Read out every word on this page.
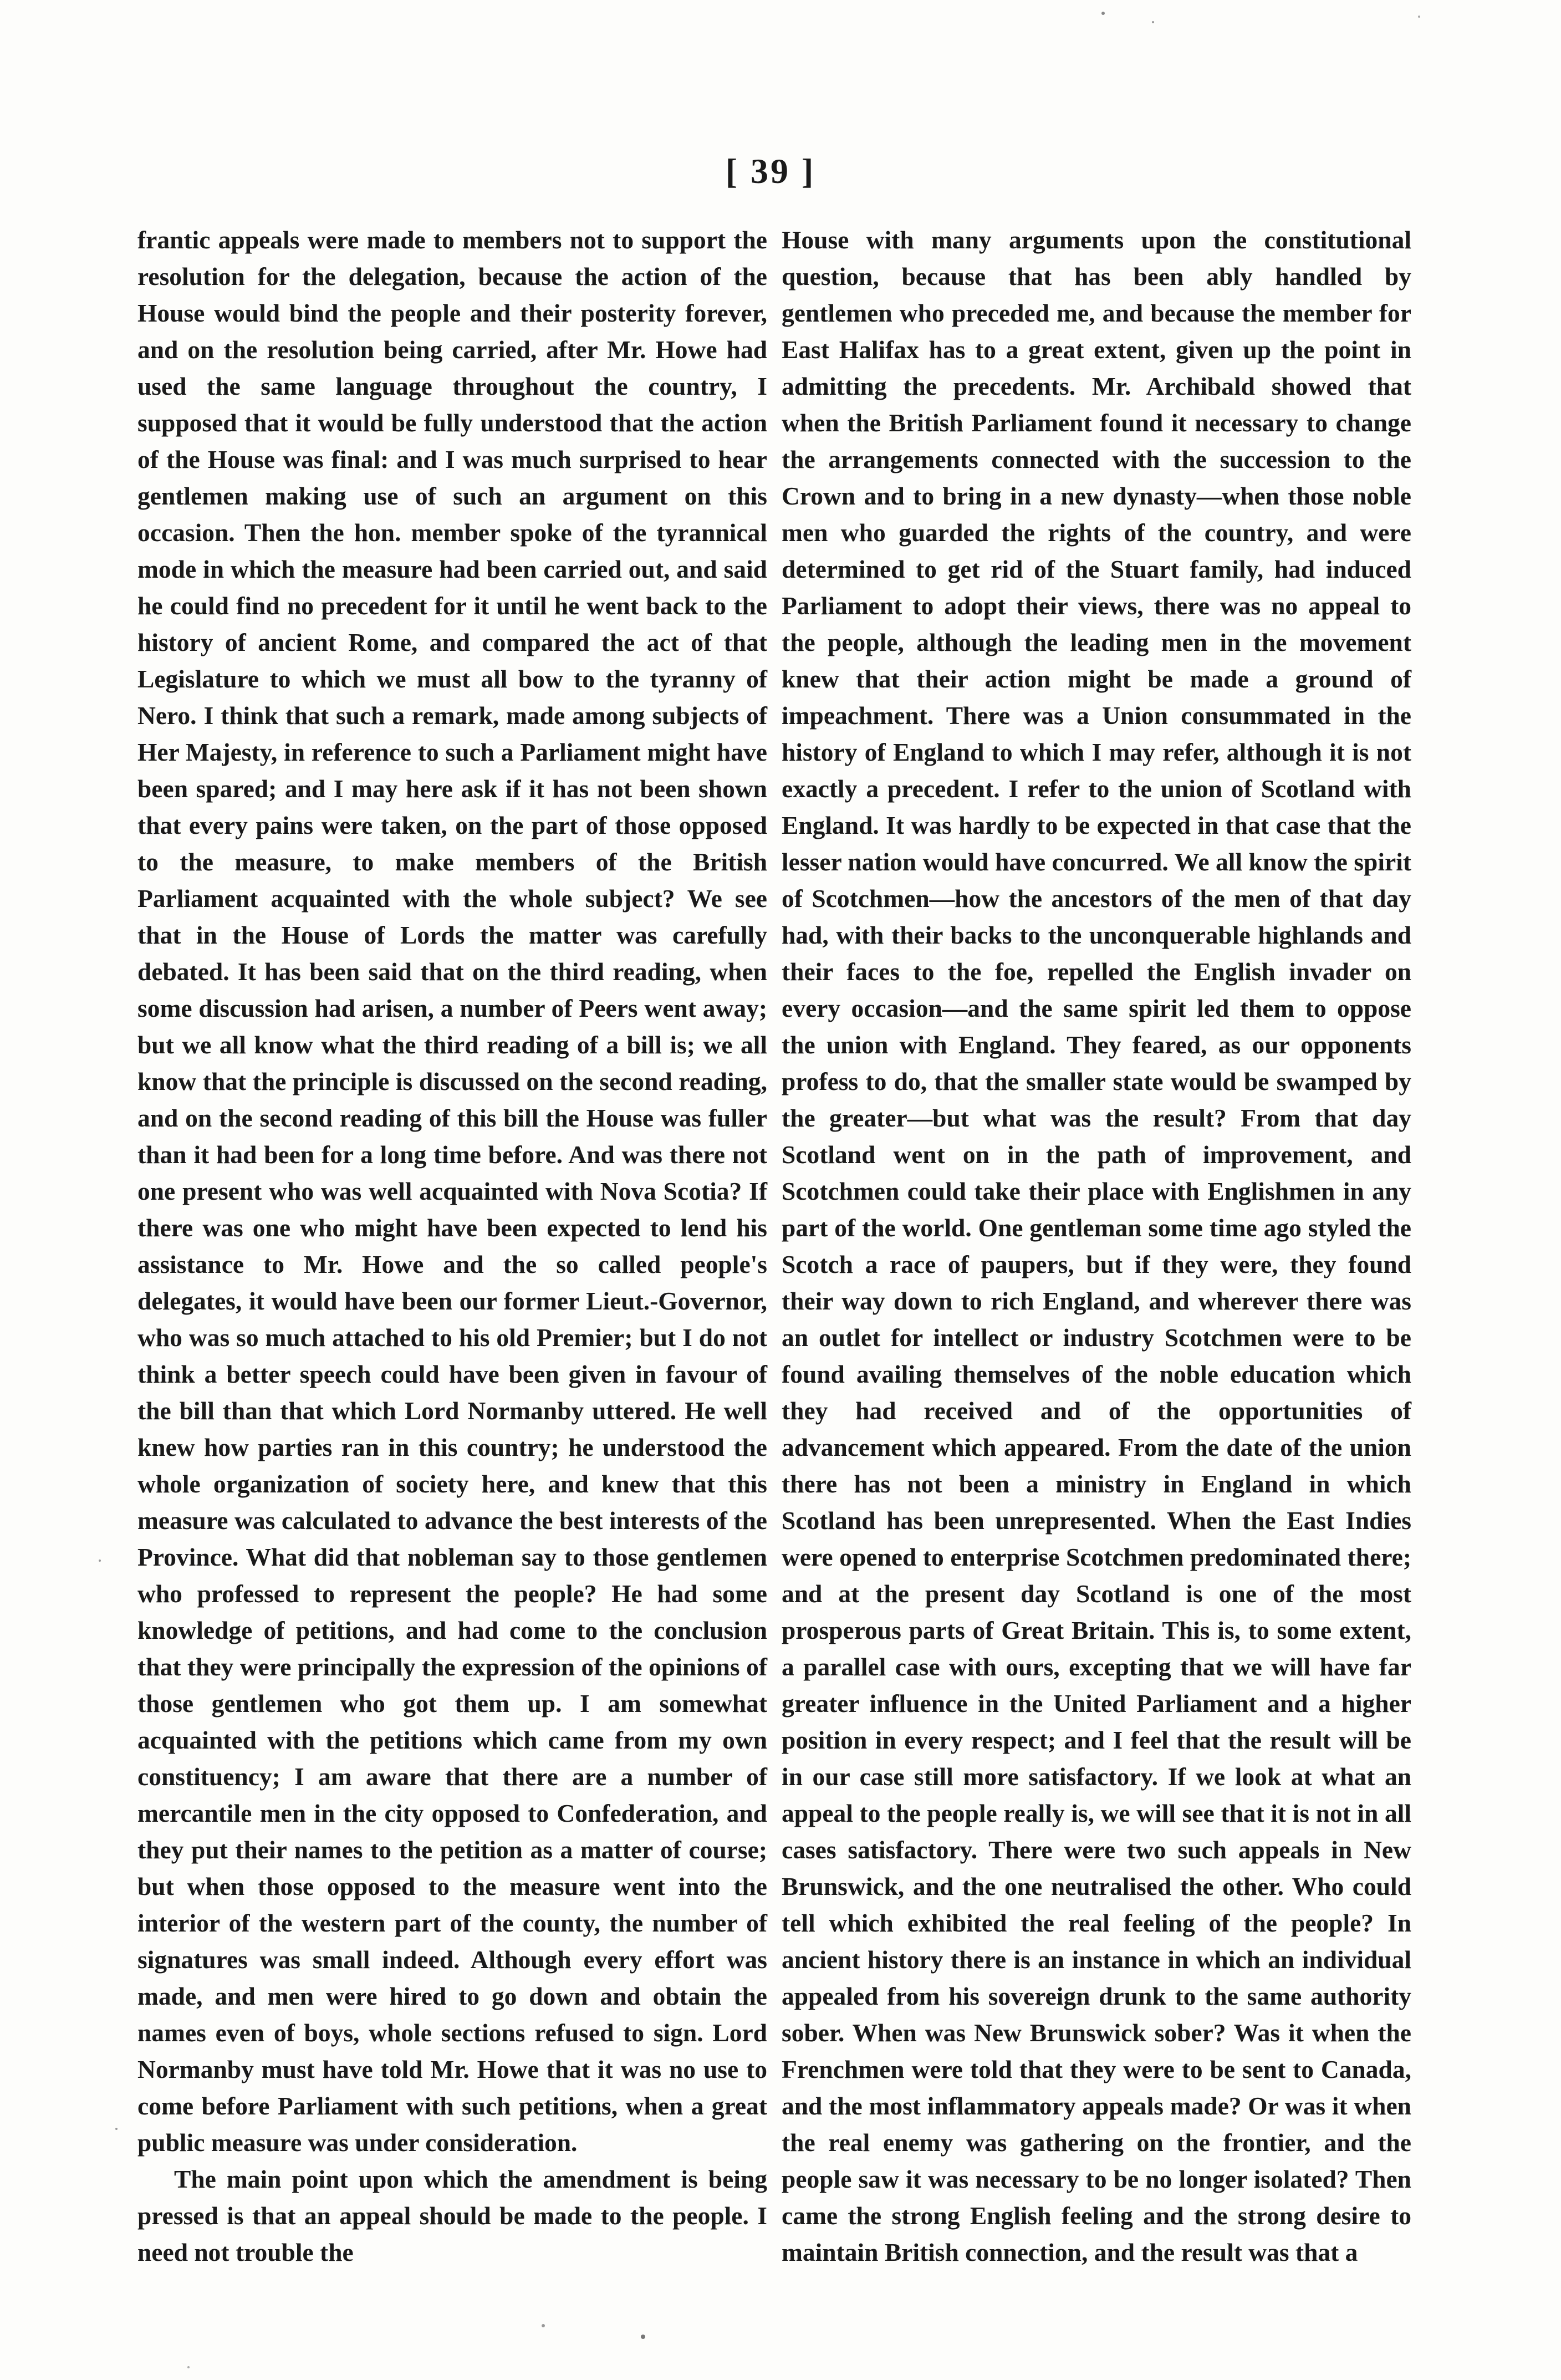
[ 39 ]

frantic appeals were made to members not to support the resolution for the delegation, because the action of the House would bind the people and their posterity forever, and on the resolution being carried, after Mr. Howe had used the same language throughout the country, I supposed that it would be fully understood that the action of the House was final: and I was much surprised to hear gentlemen making use of such an argument on this occasion. Then the hon. member spoke of the tyrannical mode in which the measure had been carried out, and said he could find no precedent for it until he went back to the history of ancient Rome, and compared the act of that Legislature to which we must all bow to the tyranny of Nero. I think that such a remark, made among subjects of Her Majesty, in reference to such a Parliament might have been spared; and I may here ask if it has not been shown that every pains were taken, on the part of those opposed to the measure, to make members of the British Parliament acquainted with the whole subject? We see that in the House of Lords the matter was carefully debated. It has been said that on the third reading, when some discussion had arisen, a number of Peers went away; but we all know what the third reading of a bill is; we all know that the principle is discussed on the second reading, and on the second reading of this bill the House was fuller than it had been for a long time before. And was there not one present who was well acquainted with Nova Scotia? If there was one who might have been expected to lend his assistance to Mr. Howe and the so called people's delegates, it would have been our former Lieut.-Governor, who was so much attached to his old Premier; but I do not think a better speech could have been given in favour of the bill than that which Lord Normanby uttered. He well knew how parties ran in this country; he understood the whole organization of society here, and knew that this measure was calculated to advance the best interests of the Province. What did that nobleman say to those gentlemen who professed to represent the people? He had some knowledge of petitions, and had come to the conclusion that they were principally the expression of the opinions of those gentlemen who got them up. I am somewhat acquainted with the petitions which came from my own constituency; I am aware that there are a number of mercantile men in the city opposed to Confederation, and they put their names to the petition as a matter of course; but when those opposed to the measure went into the interior of the western part of the county, the number of signatures was small indeed. Although every effort was made, and men were hired to go down and obtain the names even of boys, whole sections refused to sign. Lord Normanby must have told Mr. Howe that it was no use to come before Parliament with such petitions, when a great public measure was under consideration.

The main point upon which the amendment is being pressed is that an appeal should be made to the people. I need not trouble the

House with many arguments upon the constitutional question, because that has been ably handled by gentlemen who preceded me, and because the member for East Halifax has to a great extent, given up the point in admitting the precedents. Mr. Archibald showed that when the British Parliament found it necessary to change the arrangements connected with the succession to the Crown and to bring in a new dynasty—when those noble men who guarded the rights of the country, and were determined to get rid of the Stuart family, had induced Parliament to adopt their views, there was no appeal to the people, although the leading men in the movement knew that their action might be made a ground of impeachment. There was a Union consummated in the history of England to which I may refer, although it is not exactly a precedent. I refer to the union of Scotland with England. It was hardly to be expected in that case that the lesser nation would have concurred. We all know the spirit of Scotchmen—how the ancestors of the men of that day had, with their backs to the unconquerable highlands and their faces to the foe, repelled the English invader on every occasion—and the same spirit led them to oppose the union with England. They feared, as our opponents profess to do, that the smaller state would be swamped by the greater—but what was the result? From that day Scotland went on in the path of improvement, and Scotchmen could take their place with Englishmen in any part of the world. One gentleman some time ago styled the Scotch a race of paupers, but if they were, they found their way down to rich England, and wherever there was an outlet for intellect or industry Scotchmen were to be found availing themselves of the noble education which they had received and of the opportunities of advancement which appeared. From the date of the union there has not been a ministry in England in which Scotland has been unrepresented. When the East Indies were opened to enterprise Scotchmen predominated there; and at the present day Scotland is one of the most prosperous parts of Great Britain. This is, to some extent, a parallel case with ours, excepting that we will have far greater influence in the United Parliament and a higher position in every respect; and I feel that the result will be in our case still more satisfactory. If we look at what an appeal to the people really is, we will see that it is not in all cases satisfactory. There were two such appeals in New Brunswick, and the one neutralised the other. Who could tell which exhibited the real feeling of the people? In ancient history there is an instance in which an individual appealed from his sovereign drunk to the same authority sober. When was New Brunswick sober? Was it when the Frenchmen were told that they were to be sent to Canada, and the most inflammatory appeals made? Or was it when the real enemy was gathering on the frontier, and the people saw it was necessary to be no longer isolated? Then came the strong English feeling and the strong desire to maintain British connection, and the result was that a
